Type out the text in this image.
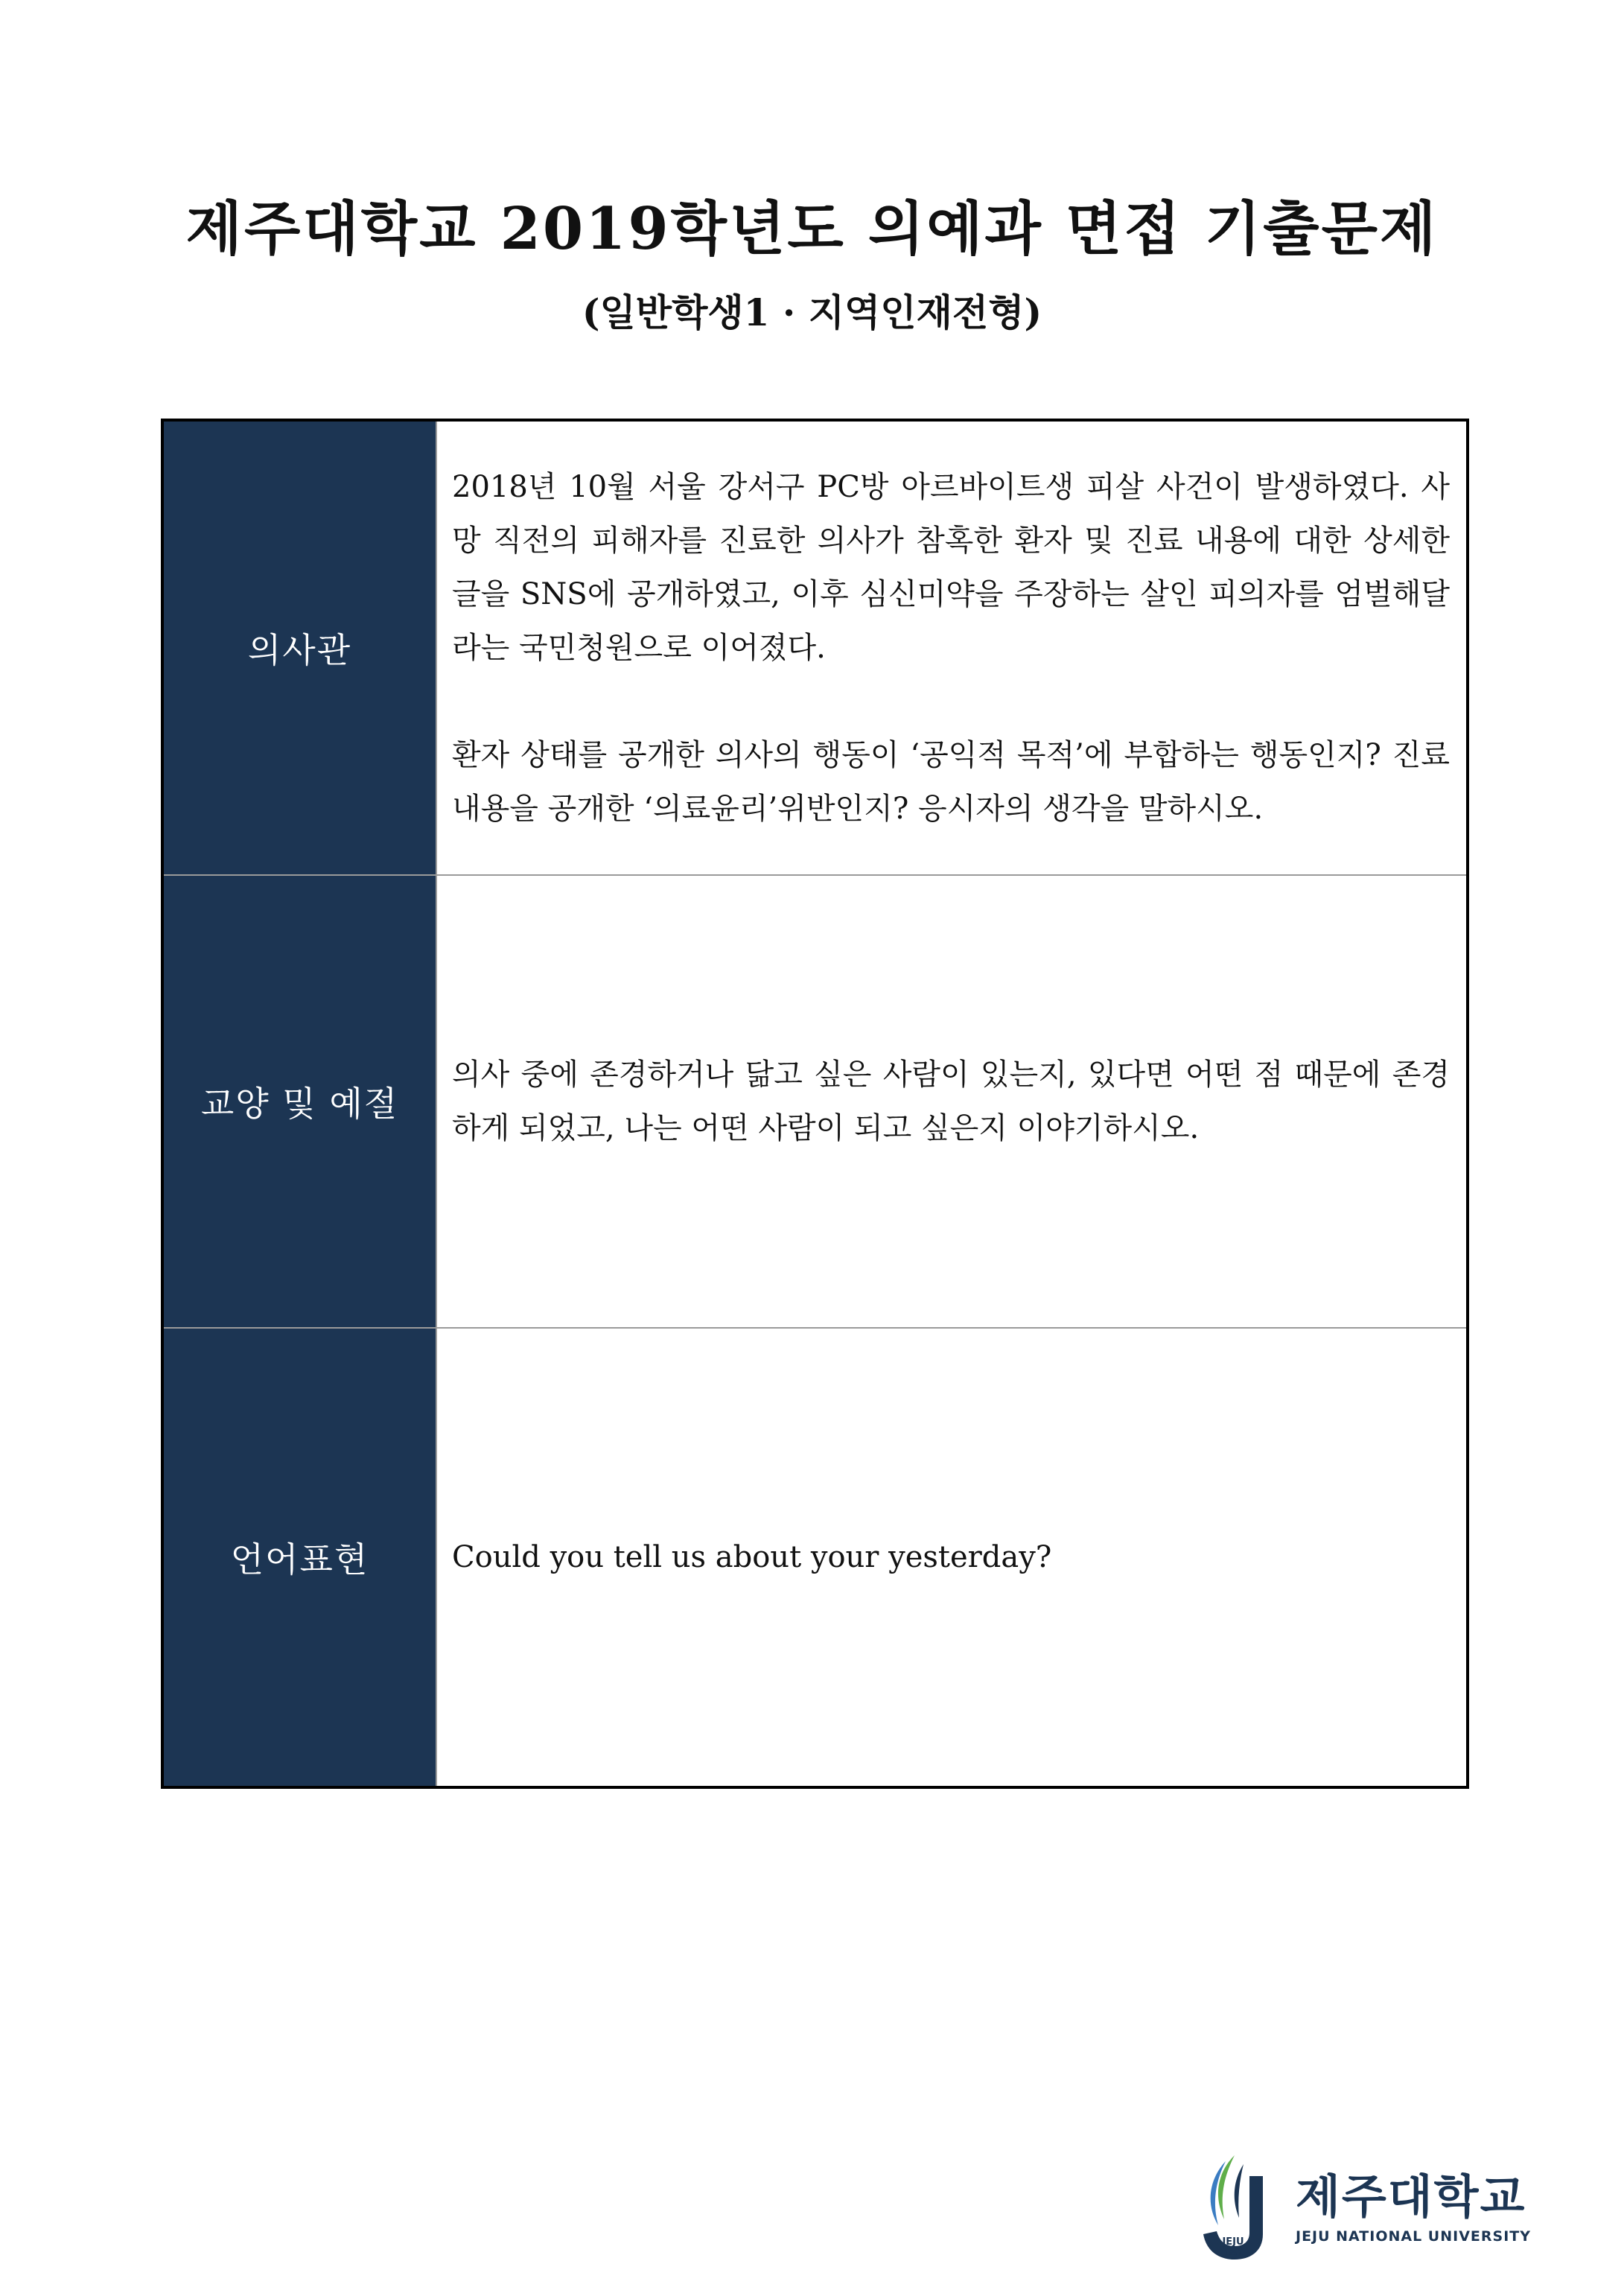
제주대학교 2019학년도 의예과 면접 기출문제
(일반학생1 · 지역인재전형)
의사관	2018년 10월 서울 강서구 PC방 아르바이트생 피살 사건이 발생하였다. 사망 직전의 피해자를 진료한 의사가 참혹한 환자 및 진료 내용에 대한 상세한 글을 SNS에 공개하였고, 이후 심신미약을 주장하는 살인 피의자를 엄벌해달라는 국민청원으로 이어졌다.
환자 상태를 공개한 의사의 행동이 ‘공익적 목적’에 부합하는 행동인지? 진료내용을 공개한 ‘의료윤리’위반인지? 응시자의 생각을 말하시오.

교양 및 예절	의사 중에 존경하거나 닮고 싶은 사람이 있는지, 있다면 어떤 점 때문에 존경하게 되었고, 나는 어떤 사람이 되고 싶은지 이야기하시오.

언어표현	Could you tell us about your yesterday?
JEJU
1952
제주대학교
JEJU NATIONAL UNIVERSITY
